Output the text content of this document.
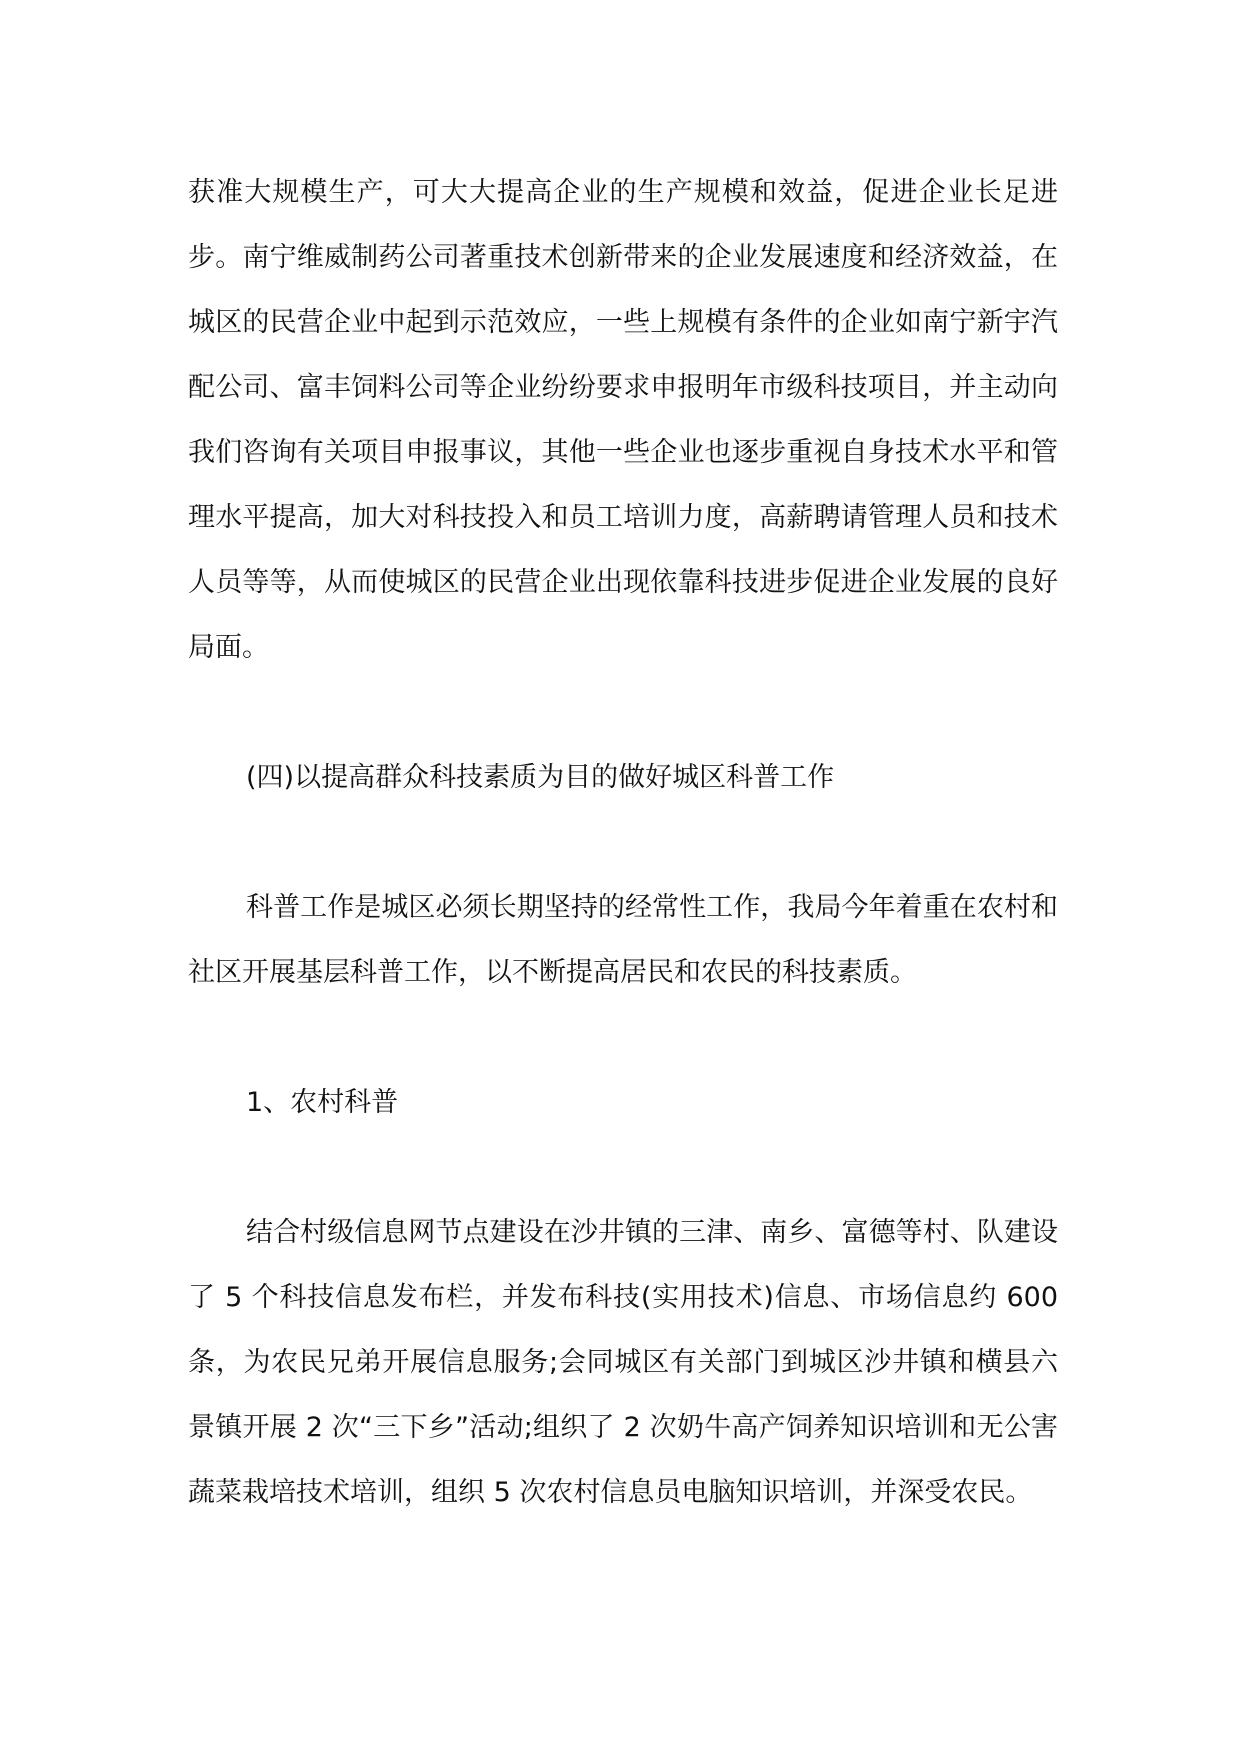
获准大规模生产，可大大提高企业的生产规模和效益，促进企业长足进步。南宁维威制药公司著重技术创新带来的企业发展速度和经济效益，在城区的民营企业中起到示范效应，一些上规模有条件的企业如南宁新宇汽配公司、富丰饲料公司等企业纷纷要求申报明年市级科技项目，并主动向我们咨询有关项目申报事议，其他一些企业也逐步重视自身技术水平和管理水平提高，加大对科技投入和员工培训力度，高薪聘请管理人员和技术人员等等，从而使城区的民营企业出现依靠科技进步促进企业发展的良好局面。

(四)以提高群众科技素质为目的做好城区科普工作

科普工作是城区必须长期坚持的经常性工作，我局今年着重在农村和社区开展基层科普工作，以不断提高居民和农民的科技素质。

1、农村科普

结合村级信息网节点建设在沙井镇的三津、南乡、富德等村、队建设了 5 个科技信息发布栏，并发布科技(实用技术)信息、市场信息约 600 条，为农民兄弟开展信息服务;会同城区有关部门到城区沙井镇和横县六景镇开展 2 次“三下乡”活动;组织了 2 次奶牛高产饲养知识培训和无公害蔬菜栽培技术培训，组织 5 次农村信息员电脑知识培训，并深受农民。
